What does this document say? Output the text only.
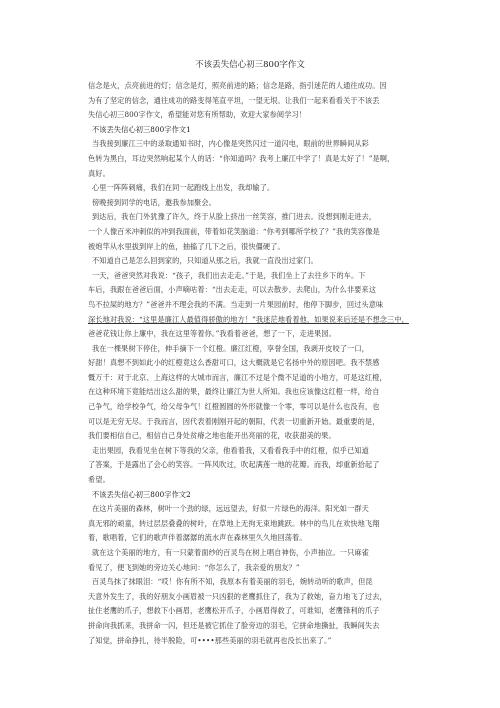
不该丢失信心初三800字作文
信念是火，点亮前进的灯；信念是灯，照亮前进的路；信念是路，指引迷茫的人通往成功。因
为有了坚定的信念，通往成功的路变得笔直平坦，一望无垠。让我们一起来看看关于不该丢
失信心初三800字作文，希望能对您有所帮助，欢迎大家参阅学习！
不该丢失信心初三800字作文1
当我接到廉江三中的录取通知书时，内心像是突然闪过一道闪电，眼前的世界瞬间从彩
色转为黑白，耳边突然响起某个人的话：“你知道吗？我考上廉江中学了！真是太好了！”是啊，
真好。
心里一阵阵刺痛，我们在同一起跑线上出发，我却输了。
傍晚接到同学的电话，邀我参加聚会。
到达后，我在门外犹豫了许久，终于从脸上挤出一丝笑容，推门进去。没想到刚走进去，
一个人像百米冲刺似的冲到我面前，带着如花笑脑道：“你考到哪所学校了？”我的笑容像是
被炮竿从水里拔到岸上的鱼，抽搐了几下之后，很快僵硬了。
不知道自己是怎么回到家的，只知道从那之后，我就一直没出过家门。
一天，爸爸突然对我说：“孩子，我们出去走走。”于是，我们坐上了去往乡下的车。下
车后，我跟在爸爸后面，小声嘀咕着：“出去走走，可以去散步、去爬山，为什么非要来这
鸟不拉屎的地方？”爸爸并不理会我的不满。当走到一片果园前时，他停下脚步，回过头意味
深长地对我说：“这里是廉江人最值得骄傲的地方！”我迷茫地看着他，如果说来后还是不想念三中，
爸爸花钱让你上廉中，我在这里等着你。”我看着爸爸，想了一下，走进果园。
我在一棵果树下停住，伸手摘下一个红橙。廉江红橙，享誉全国，我剥开皮咬了一口，
好甜！真想不到如此小的红橙竟这么香甜可口，这大概就是它名扬中外的原因吧。我不禁感
慨万千：对于北京、上海这样的大城市而言，廉江不过是个微不足道的小地方，可是这红橙，
在这种环境下竟能结出这么甜的果，最终让廉江为世人所知。我也应该像这红橙一样，给自
己争气，给学校争气，给父母争气！红橙圆圆的外形就像一个零，零可以是什么也没有，也
可以是无穷无尽。于我而言，因代表着刚刚开起的朝阳，代表一切重新开始。最重要的是，
我们要相信自己，相信自己身处贫瘠之地也能开出亮丽的花，收获甜美的果。
走出果园，我看见坐在树下等我的父亲，他看着我，又看看我手中的红橙，似乎已知道
了答案，于是露出了会心的笑容。一阵风吹过，吹起满莲一地的花瓣。而我，却重新拾起了
希望。
不该丢失信心初三800字作文2
在这片美丽的森林，树叶一个劲的绿，远远望去，好似一片绿色的海洋。阳光如一群天
真无邪的顽童，转过层层叠叠的树叶，在草地上无拘无束地跳跃。林中的鸟儿在欢快地飞翔
着，歌唱着，它们的歌声伴着潺潺的流水声在森林里久久地回荡着。
就在这个美丽的地方，有一只蒙着面纱的百灵鸟在树上唱自神伤，小声抽泣。一只麻雀
看见了，便飞到她的旁边关心地问：“你怎么了，我亲爱的朋友？”
百灵鸟抹了抹眼泪：“哎！你有所不知，我原本有着美丽的羽毛，婉转动听的歌声，但昆
天意外发生了，我的好朋友小画眉被一只凶狠的老鹰抓住了，我为了救她，奋力地飞了过去，
扯住老鹰的爪子，想救下小画眉，老鹰松开爪子，小画眉得救了，可谁知，老鹰锋利的爪子
拼命向我抓来，我拼命一闪，但还是被它抓住了脸旁边的羽毛，它拼命地撕扯，我瞬间失去
了知觉，拼命挣扎，待半脱险，可••••那些美丽的羽毛就再也没长出来了。”
